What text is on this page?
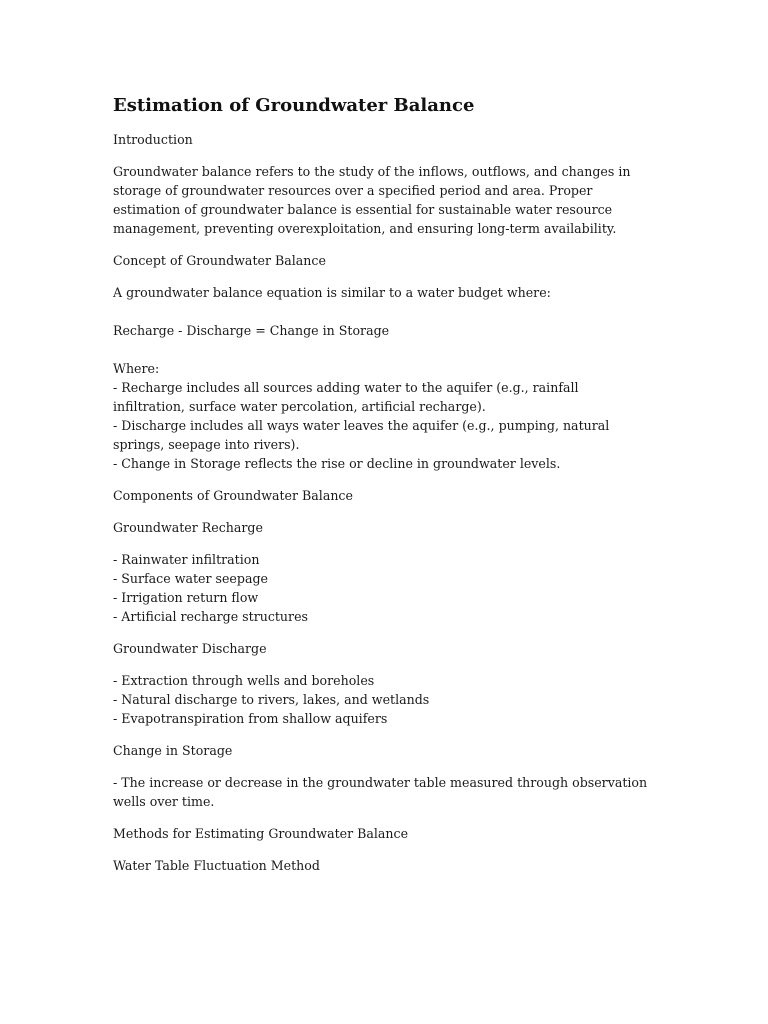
Estimation of Groundwater Balance

Introduction

Groundwater balance refers to the study of the inflows, outflows, and changes in storage of groundwater resources over a specified period and area. Proper estimation of groundwater balance is essential for sustainable water resource management, preventing overexploitation, and ensuring long-term availability.

Concept of Groundwater Balance

A groundwater balance equation is similar to a water budget where:

Recharge - Discharge = Change in Storage

Where:
- Recharge includes all sources adding water to the aquifer (e.g., rainfall infiltration, surface water percolation, artificial recharge).
- Discharge includes all ways water leaves the aquifer (e.g., pumping, natural springs, seepage into rivers).
- Change in Storage reflects the rise or decline in groundwater levels.

Components of Groundwater Balance

Groundwater Recharge

- Rainwater infiltration
- Surface water seepage
- Irrigation return flow
- Artificial recharge structures

Groundwater Discharge

- Extraction through wells and boreholes
- Natural discharge to rivers, lakes, and wetlands
- Evapotranspiration from shallow aquifers

Change in Storage

- The increase or decrease in the groundwater table measured through observation wells over time.

Methods for Estimating Groundwater Balance

Water Table Fluctuation Method
